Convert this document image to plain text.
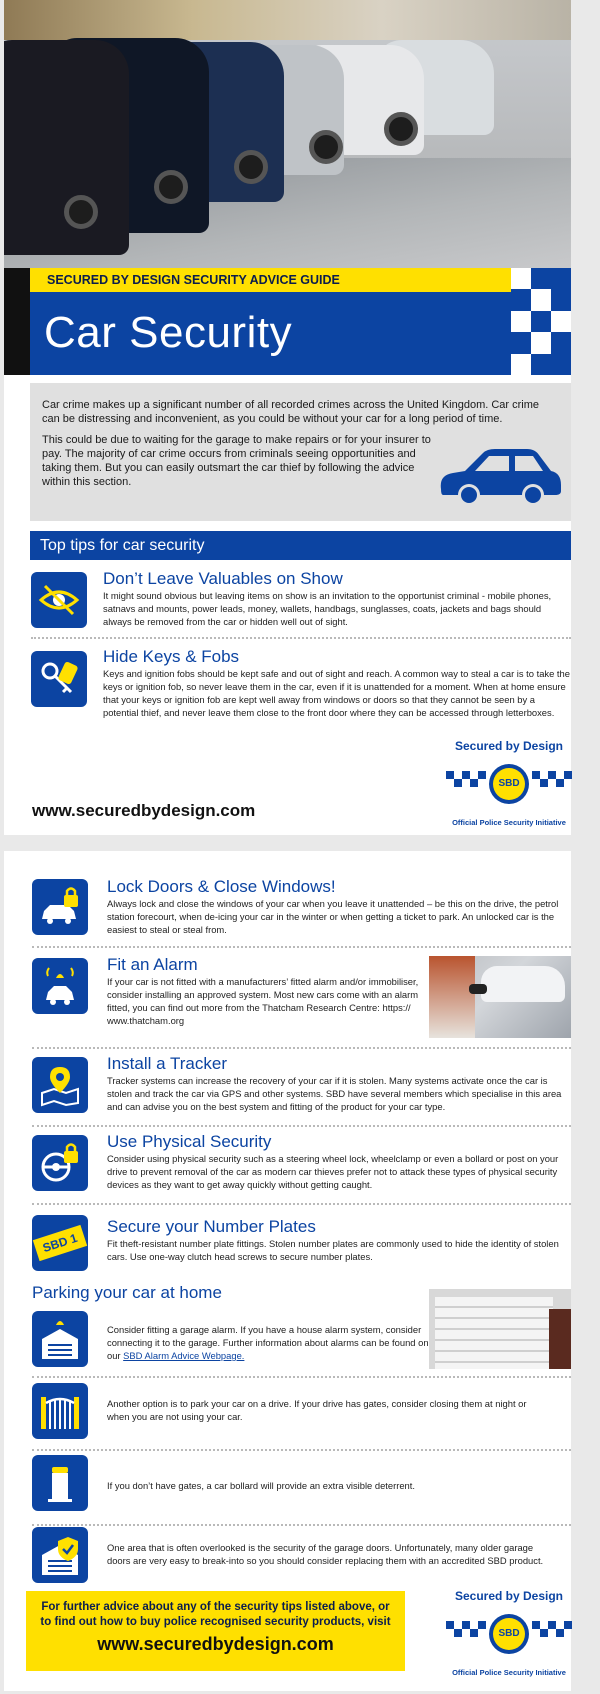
SECURED BY DESIGN SECURITY ADVICE GUIDE
Car Security

Car crime makes up a significant number of all recorded crimes across the United Kingdom. Car crime can be distressing and inconvenient, as you could be without your car for a long period of time.

This could be due to waiting for the garage to make repairs or for your insurer to pay. The majority of car crime occurs from criminals seeing opportunities and taking them. But you can easily outsmart the car thief by following the advice within this section.

Top tips for car security
Don’t Leave Valuables on Show

It might sound obvious but leaving items on show is an invitation to the opportunist criminal - mobile phones, satnavs and mounts, power leads, money, wallets, handbags, sunglasses, coats, jackets and bags should always be removed from the car or hidden well out of sight.

Hide Keys & Fobs

Keys and ignition fobs should be kept safe and out of sight and reach. A common way to steal a car is to take the keys or ignition fob, so never leave them in the car, even if it is unattended for a moment. When at home ensure that your keys or ignition fob are kept well away from windows or doors so that they cannot be seen by a potential thief, and never leave them close to the front door where they can be accessed through letterboxes.

Secured by Design
SBD
Official Police Security Initiative
www.securedbydesign.com
Lock Doors & Close Windows!

Always lock and close the windows of your car when you leave it unattended – be this on the drive, the petrol station forecourt, when de-icing your car in the winter or when getting a ticket to park. An unlocked car is the easiest to steal or steal from.

Fit an Alarm

If your car is not fitted with a manufacturers’ fitted alarm and/or immobiliser, consider installing an approved system. Most new cars come with an alarm fitted, you can find out more from the Thatcham Research Centre: https:// www.thatcham.org

Install a Tracker

Tracker systems can increase the recovery of your car if it is stolen. Many systems activate once the car is stolen and track the car via GPS and other systems. SBD have several members which specialise in this area and can advise you on the best system and fitting of the product for your car type.

Use Physical Security

Consider using physical security such as a steering wheel lock, wheelclamp or even a bollard or post on your drive to prevent removal of the car as modern car thieves prefer not to attack these types of physical security devices as they want to get away quickly without getting caught.

SBD 1
Secure your Number Plates

Fit theft-resistant number plate fittings. Stolen number plates are commonly used to hide the identity of stolen cars. Use one-way clutch head screws to secure number plates.

Parking your car at home

Consider fitting a garage alarm. If you have a house alarm system, consider connecting it to the garage. Further information about alarms can be found on our SBD Alarm Advice Webpage.

Another option is to park your car on a drive. If your drive has gates, consider closing them at night or when you are not using your car.

If you don’t have gates, a car bollard will provide an extra visible deterrent.

One area that is often overlooked is the security of the garage doors. Unfortunately, many older garage doors are very easy to break-into so you should consider replacing them with an accredited SBD product.

For further advice about any of the security tips listed above, or
to find out how to buy police recognised security products, visit
www.securedbydesign.com
Secured by Design
SBD
Official Police Security Initiative
